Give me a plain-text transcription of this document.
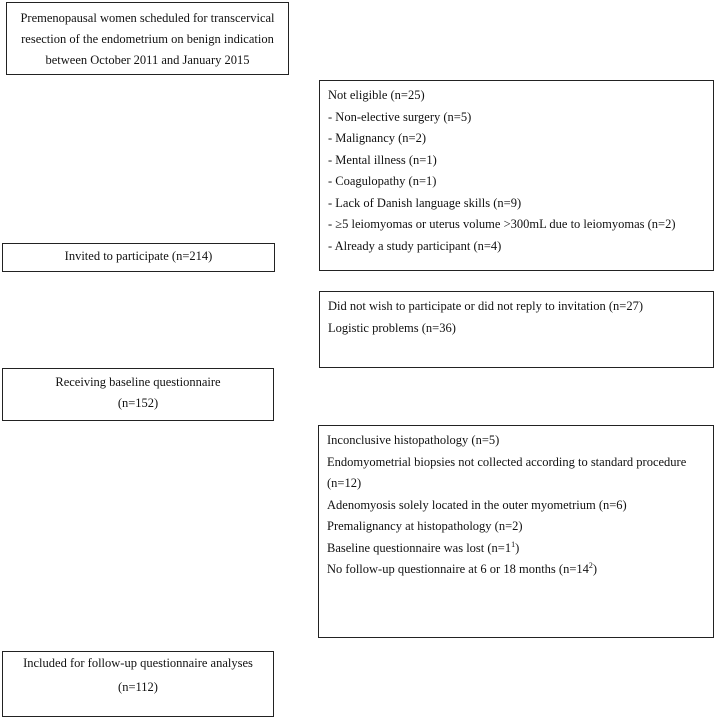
Premenopausal women scheduled for transcervical
resection of the endometrium on benign indication
between October 2011 and January 2015
Not eligible (n=25)
- Non-elective surgery (n=5)
- Malignancy (n=2)
- Mental illness (n=1)
- Coagulopathy (n=1)
- Lack of Danish language skills (n=9)
- ≥5 leiomyomas or uterus volume >300mL due to leiomyomas (n=2)
- Already a study participant (n=4)
Invited to participate (n=214)
Did not wish to participate or did not reply to invitation (n=27)
Logistic problems (n=36)
Receiving baseline questionnaire
(n=152)
Inconclusive histopathology (n=5)
Endomyometrial biopsies not collected according to standard procedure
(n=12)
Adenomyosis solely located in the outer myometrium (n=6)
Premalignancy at histopathology (n=2)
Baseline questionnaire was lost $(n=1^1)$
No follow-up questionnaire at 6 or 18 months $(n=14^2)$
Included for follow-up questionnaire analyses
(n=112)
